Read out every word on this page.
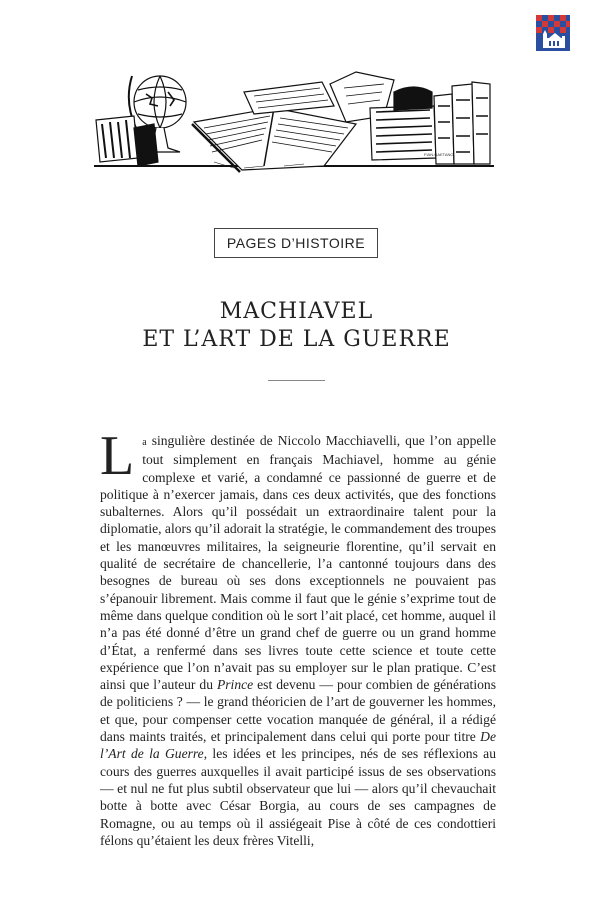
FIAN.GAETANO
PAGES D’HISTOIRE
MACHIAVEL
ET L’ART DE LA GUERRE
La singulière destinée de Niccolo Macchiavelli, que l’on appelle tout simplement en français Machiavel, homme au génie complexe et varié, a condamné ce passionné de guerre et de politique à n’exercer jamais, dans ces deux activités, que des fonctions subalternes. Alors qu’il possédait un extraordinaire talent pour la diplomatie, alors qu’il adorait la stratégie, le commandement des troupes et les manœuvres militaires, la seigneurie florentine, qu’il servait en qualité de secrétaire de chancellerie, l’a cantonné toujours dans des besognes de bureau où ses dons exceptionnels ne pouvaient pas s’épanouir librement. Mais comme il faut que le génie s’exprime tout de même dans quelque condition où le sort l’ait placé, cet homme, auquel il n’a pas été donné d’être un grand chef de guerre ou un grand homme d’État, a renfermé dans ses livres toute cette science et toute cette expérience que l’on n’avait pas su employer sur le plan pratique. C’est ainsi que l’auteur du Prince est devenu — pour combien de générations de politiciens ? — le grand théoricien de l’art de gouverner les hommes, et que, pour compenser cette vocation manquée de général, il a rédigé dans maints traités, et principalement dans celui qui porte pour titre De l’Art de la Guerre, les idées et les principes, nés de ses réflexions au cours des guerres auxquelles il avait participé issus de ses observations — et nul ne fut plus subtil observateur que lui — alors qu’il chevauchait botte à botte avec César Borgia, au cours de ses campagnes de Romagne, ou au temps où il assiégeait Pise à côté de ces condottieri félons qu’étaient les deux frères Vitelli,
